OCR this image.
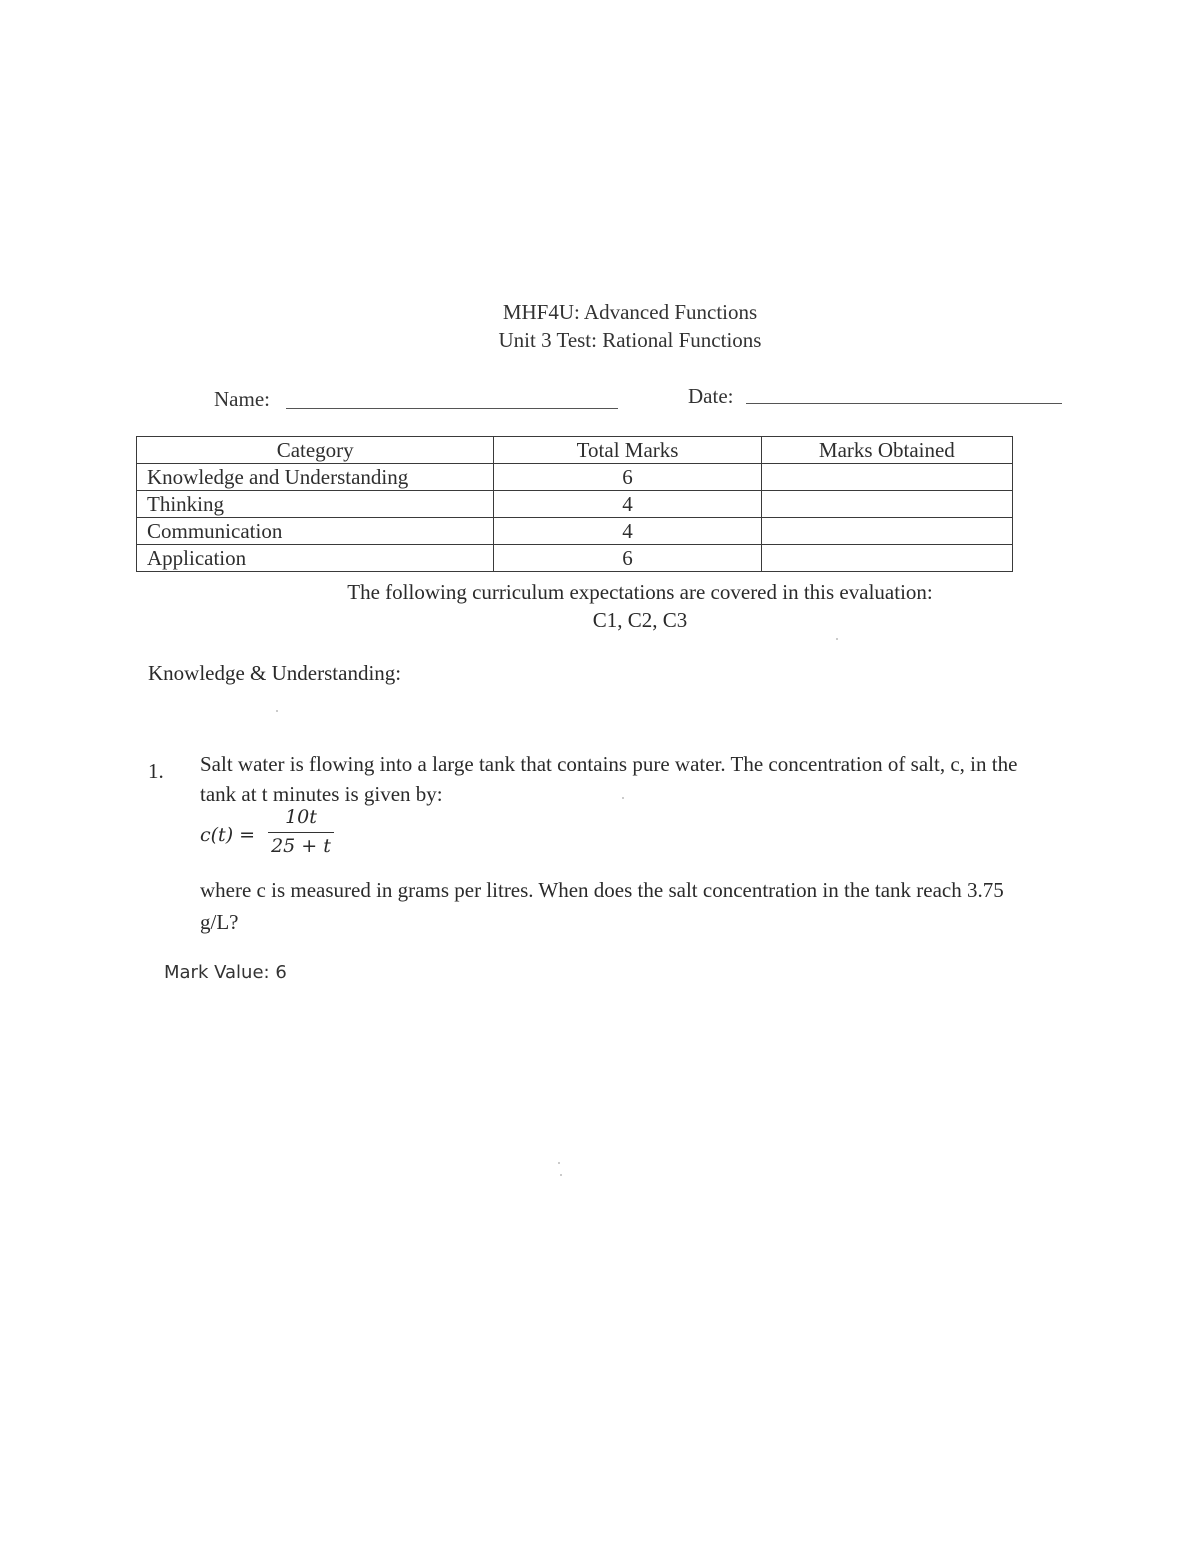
MHF4U: Advanced Functions
Unit 3 Test: Rational Functions
Name:	Date:
Category	Total Marks	Marks Obtained
Knowledge and Understanding	6	
Thinking	4	
Communication	4	
Application	6	
The following curriculum expectations are covered in this evaluation:
C1, C2, C3
Knowledge & Understanding:
1. Salt water is flowing into a large tank that contains pure water. The concentration of salt, c, in the tank at t minutes is given by:
c(t) =
10t
25 + t
where c is measured in grams per litres. When does the salt concentration in the tank reach 3.75 g/L?
Mark Value: 6
